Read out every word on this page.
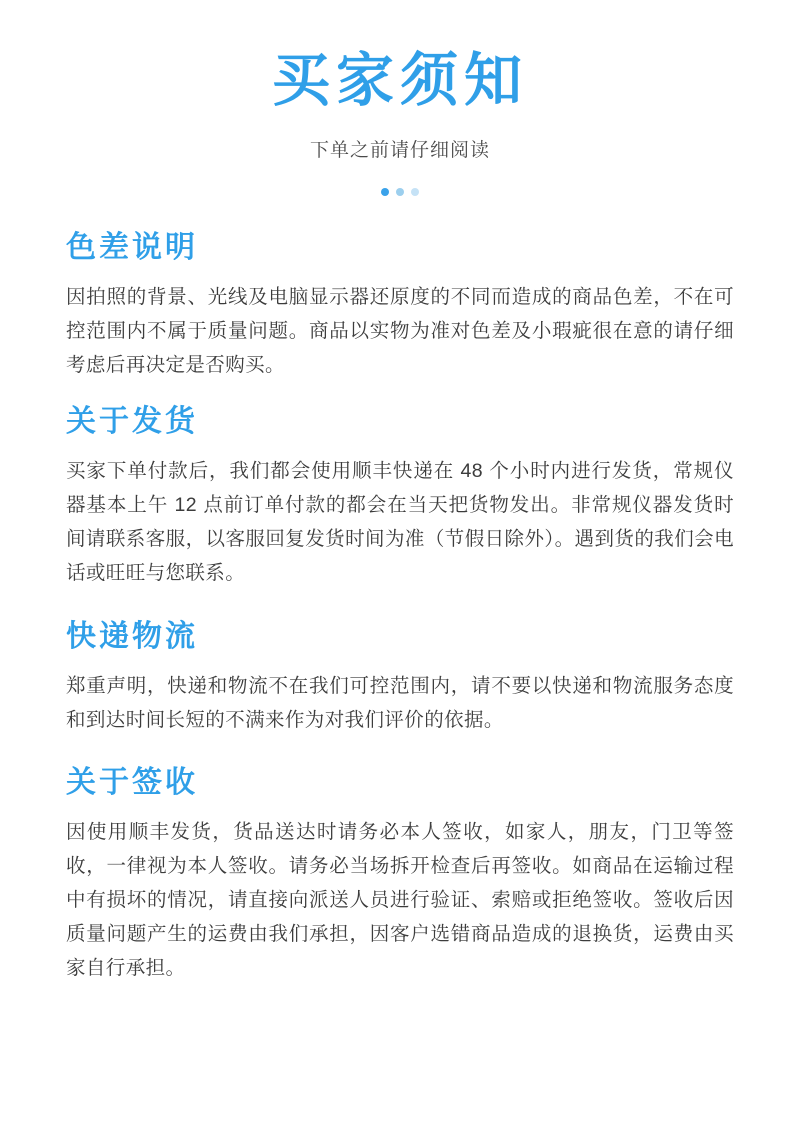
买家须知

下单之前请仔细阅读

色差说明

因拍照的背景、光线及电脑显示器还原度的不同而造成的商品色差，不在可控范围内不属于质量问题。商品以实物为准对色差及小瑕疵很在意的请仔细考虑后再决定是否购买。

关于发货

买家下单付款后，我们都会使用顺丰快递在 48 个小时内进行发货，常规仪器基本上午 12 点前订单付款的都会在当天把货物发出。非常规仪器发货时间请联系客服，以客服回复发货时间为准（节假日除外）。遇到货的我们会电话或旺旺与您联系。

快递物流

郑重声明，快递和物流不在我们可控范围内，请不要以快递和物流服务态度和到达时间长短的不满来作为对我们评价的依据。

关于签收

因使用顺丰发货，货品送达时请务必本人签收，如家人，朋友，门卫等签收，一律视为本人签收。请务必当场拆开检查后再签收。如商品在运输过程中有损坏的情况，请直接向派送人员进行验证、索赔或拒绝签收。签收后因质量问题产生的运费由我们承担，因客户选错商品造成的退换货，运费由买家自行承担。
